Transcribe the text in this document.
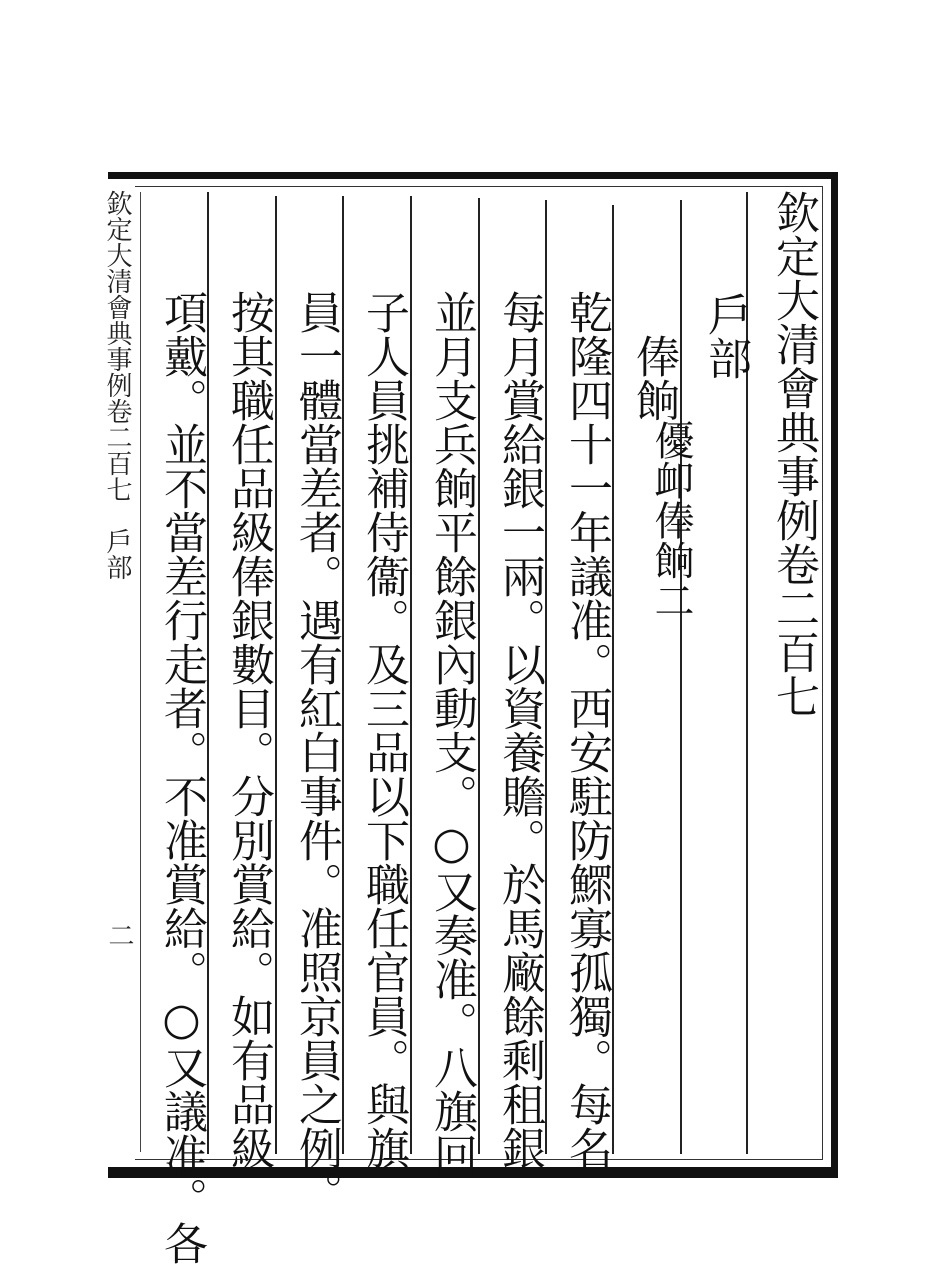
欽定大清會典事例卷二百七　戶部
二
欽定大清會典事例卷二百七
戶部
俸餉
優卹俸餉二
乾隆四十一年議准。西安駐防鰥寡孤獨。每名
每月賞給銀一兩。以資養贍。於馬廠餘剩租銀
並月支兵餉平餘銀內動支。○又奏准。八旗回
子人員挑補侍衞。及三品以下職任官員。與旗
員一體當差者。遇有紅白事件。准照京員之例。
按其職任品級俸銀數目。分別賞給。如有品級
項戴。並不當差行走者。不准賞給。○又議准。各
